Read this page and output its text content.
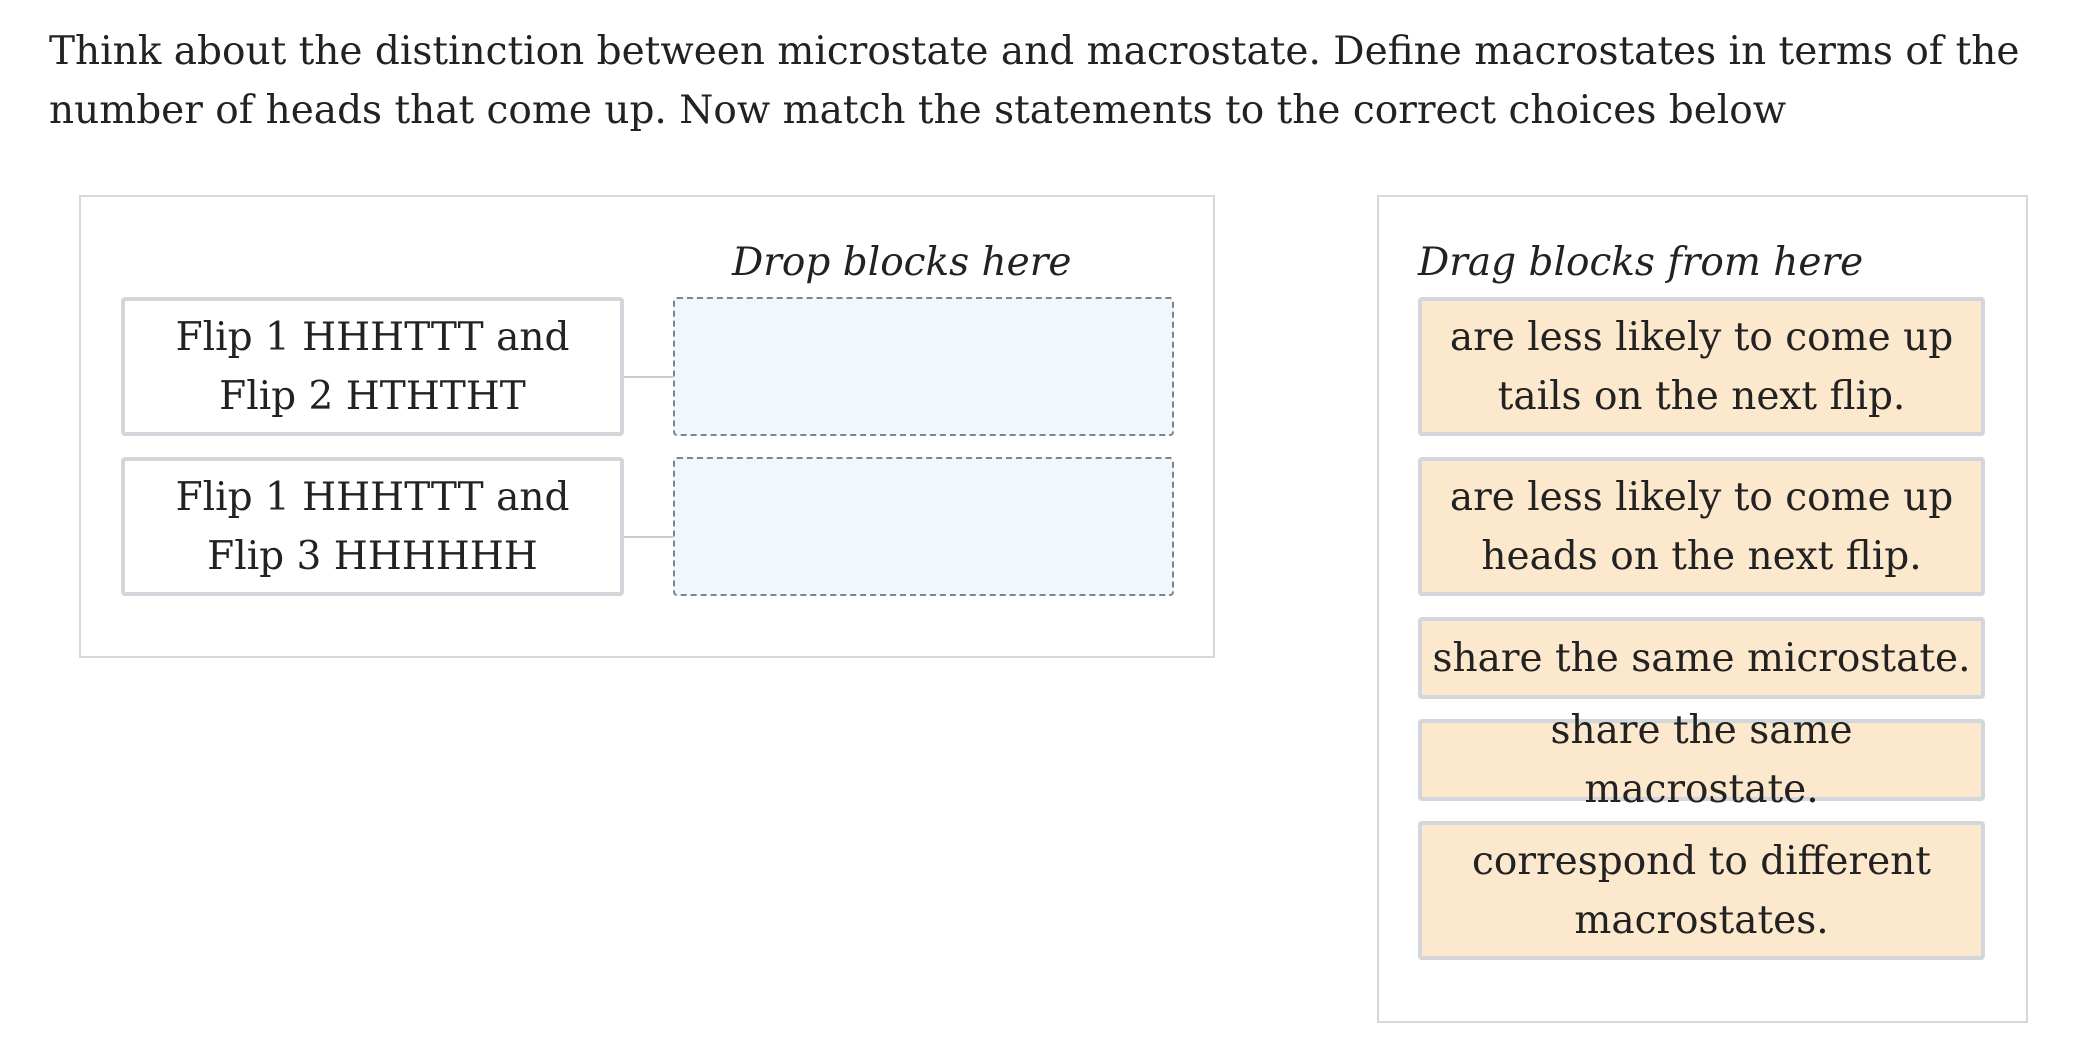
Think about the distinction between microstate and macrostate. Define macrostates in terms of the number of heads that come up. Now match the statements to the correct choices below

Drop blocks here
Flip 1 HHHTTT and Flip 2 HTHTHT
Flip 1 HHHTTT and Flip 3 HHHHHH
Drag blocks from here
are less likely to come up tails on the next flip.
are less likely to come up heads on the next flip.
share the same microstate.
share the same macrostate.
correspond to different macrostates.
